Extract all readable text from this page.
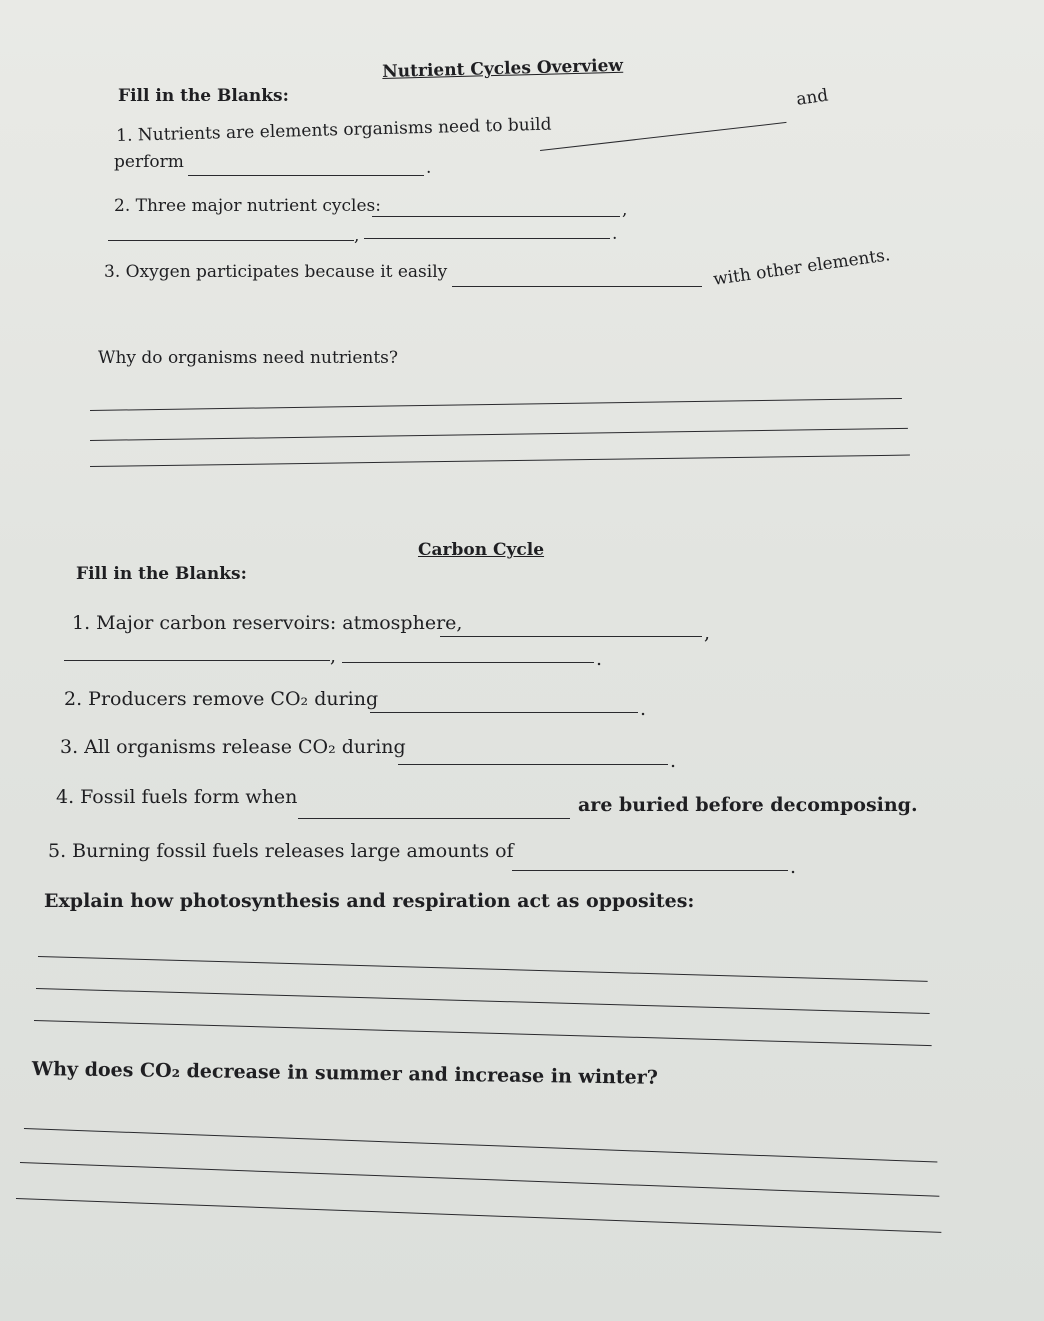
Nutrient Cycles Overview
Fill in the Blanks:	and
1. Nutrients are elements organisms need to build
perform	.
2. Three major nutrient cycles:	,
,	.
3. Oxygen participates because it easily	with other elements.
Why do organisms need nutrients?
Carbon Cycle
Fill in the Blanks:
1. Major carbon reservoirs: atmosphere,	,
,	.
2. Producers remove CO₂ during	.
3. All organisms release CO₂ during
.
4. Fossil fuels form when	are buried before decomposing.
5. Burning fossil fuels releases large amounts of
.
Explain how photosynthesis and respiration act as opposites:
Why does CO₂ decrease in summer and increase in winter?
